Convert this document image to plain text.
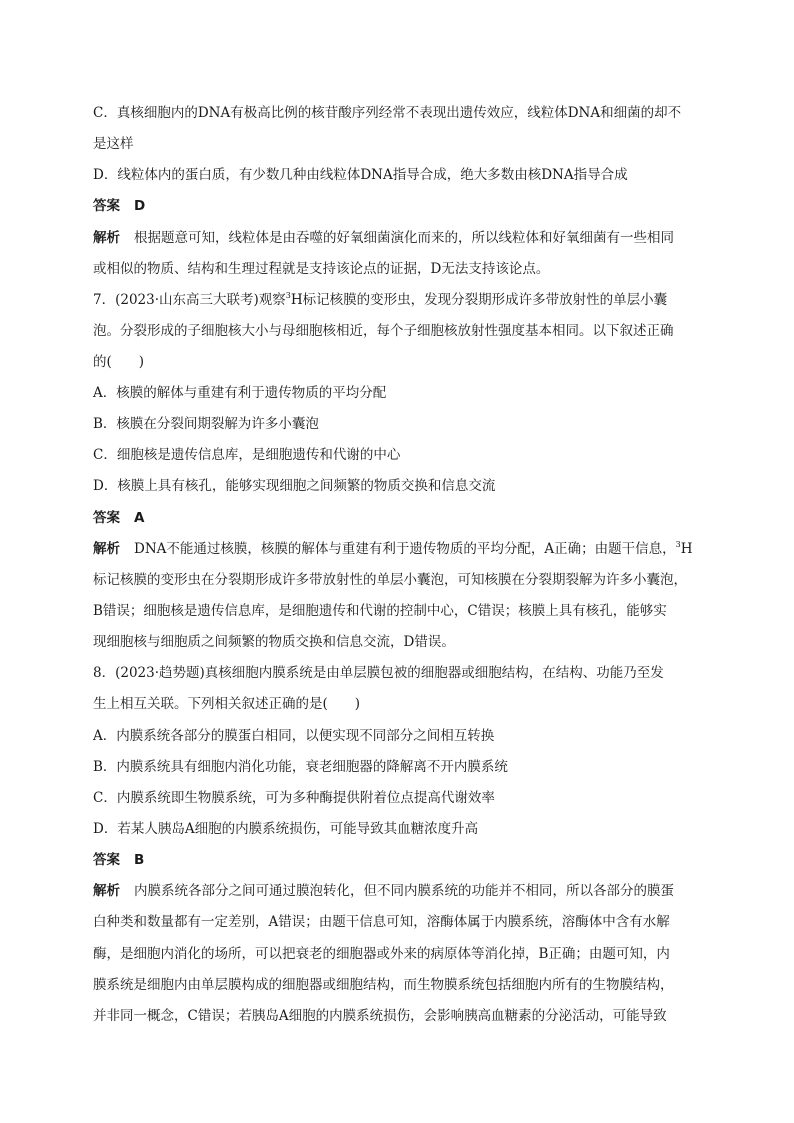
C．真核细胞内的DNA有极高比例的核苷酸序列经常不表现出遗传效应，线粒体DNA和细菌的却不
是这样
D．线粒体内的蛋白质，有少数几种由线粒体DNA指导合成，绝大多数由核DNA指导合成
答案 D
解析 根据题意可知，线粒体是由吞噬的好氧细菌演化而来的，所以线粒体和好氧细菌有一些相同
或相似的物质、结构和生理过程就是支持该论点的证据，D无法支持该论点。
7．(2023·山东高三大联考)观察$^3$H标记核膜的变形虫，发现分裂期形成许多带放射性的单层小囊
泡。分裂形成的子细胞核大小与母细胞核相近，每个子细胞核放射性强度基本相同。以下叙述正确
的(　　)
A．核膜的解体与重建有利于遗传物质的平均分配
B．核膜在分裂间期裂解为许多小囊泡
C．细胞核是遗传信息库，是细胞遗传和代谢的中心
D．核膜上具有核孔，能够实现细胞之间频繁的物质交换和信息交流
答案 A
解析 DNA不能通过核膜，核膜的解体与重建有利于遗传物质的平均分配，A正确；由题干信息，$^3$H
标记核膜的变形虫在分裂期形成许多带放射性的单层小囊泡，可知核膜在分裂期裂解为许多小囊泡，
B错误；细胞核是遗传信息库，是细胞遗传和代谢的控制中心，C错误；核膜上具有核孔，能够实
现细胞核与细胞质之间频繁的物质交换和信息交流，D错误。
8．(2023·趋势题)真核细胞内膜系统是由单层膜包被的细胞器或细胞结构，在结构、功能乃至发
生上相互关联。下列相关叙述正确的是(　　)
A．内膜系统各部分的膜蛋白相同，以便实现不同部分之间相互转换
B．内膜系统具有细胞内消化功能，衰老细胞器的降解离不开内膜系统
C．内膜系统即生物膜系统，可为多种酶提供附着位点提高代谢效率
D．若某人胰岛A细胞的内膜系统损伤，可能导致其血糖浓度升高
答案 B
解析 内膜系统各部分之间可通过膜泡转化，但不同内膜系统的功能并不相同，所以各部分的膜蛋
白种类和数量都有一定差别，A错误；由题干信息可知，溶酶体属于内膜系统，溶酶体中含有水解
酶，是细胞内消化的场所，可以把衰老的细胞器或外来的病原体等消化掉，B正确；由题可知，内
膜系统是细胞内由单层膜构成的细胞器或细胞结构，而生物膜系统包括细胞内所有的生物膜结构，
并非同一概念，C错误；若胰岛A细胞的内膜系统损伤，会影响胰高血糖素的分泌活动，可能导致
